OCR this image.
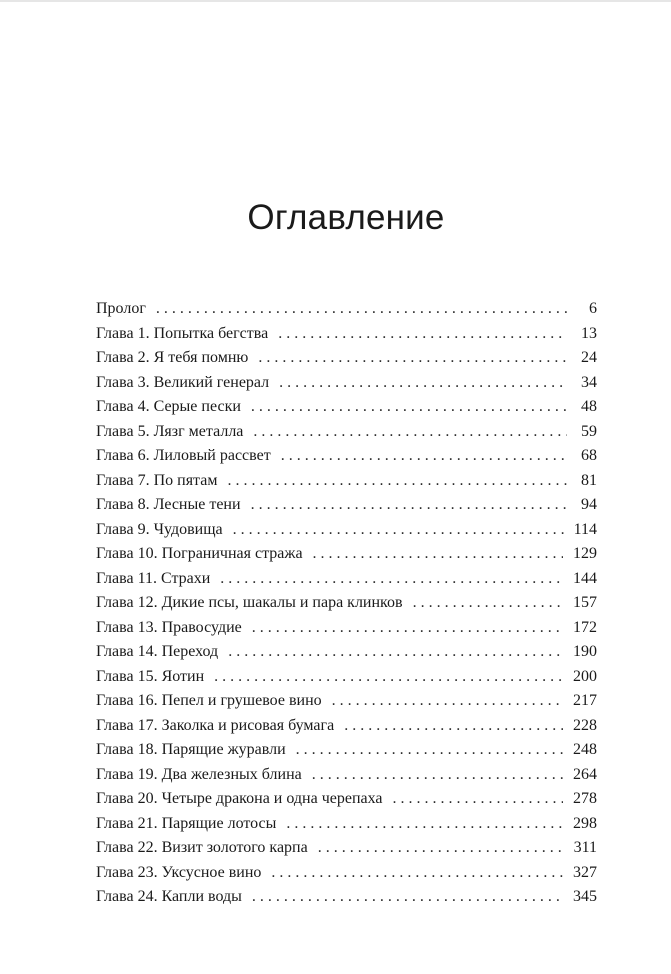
Оглавление
Пролог . . .	6
Глава 1. Попытка бегства . . .	13
Глава 2. Я тебя помню . . .	24
Глава 3. Великий генерал . . .	34
Глава 4. Серые пески . . .	48
Глава 5. Лязг металла . . .	59
Глава 6. Лиловый рассвет . . .	68
Глава 7. По пятам . . .	81
Глава 8. Лесные тени . . .	94
Глава 9. Чудовища . . .	114
Глава 10. Пограничная стража . . .	129
Глава 11. Страхи . . .	144
Глава 12. Дикие псы, шакалы и пара клинков . . .	157
Глава 13. Правосудие . . .	172
Глава 14. Переход . . .	190
Глава 15. Яотин . . .	200
Глава 16. Пепел и грушевое вино . . .	217
Глава 17. Заколка и рисовая бумага . . .	228
Глава 18. Парящие журавли . . .	248
Глава 19. Два железных блина . . .	264
Глава 20. Четыре дракона и одна черепаха . . .	278
Глава 21. Парящие лотосы . . .	298
Глава 22. Визит золотого карпа . . .	311
Глава 23. Уксусное вино . . .	327
Глава 24. Капли воды . . .	345
